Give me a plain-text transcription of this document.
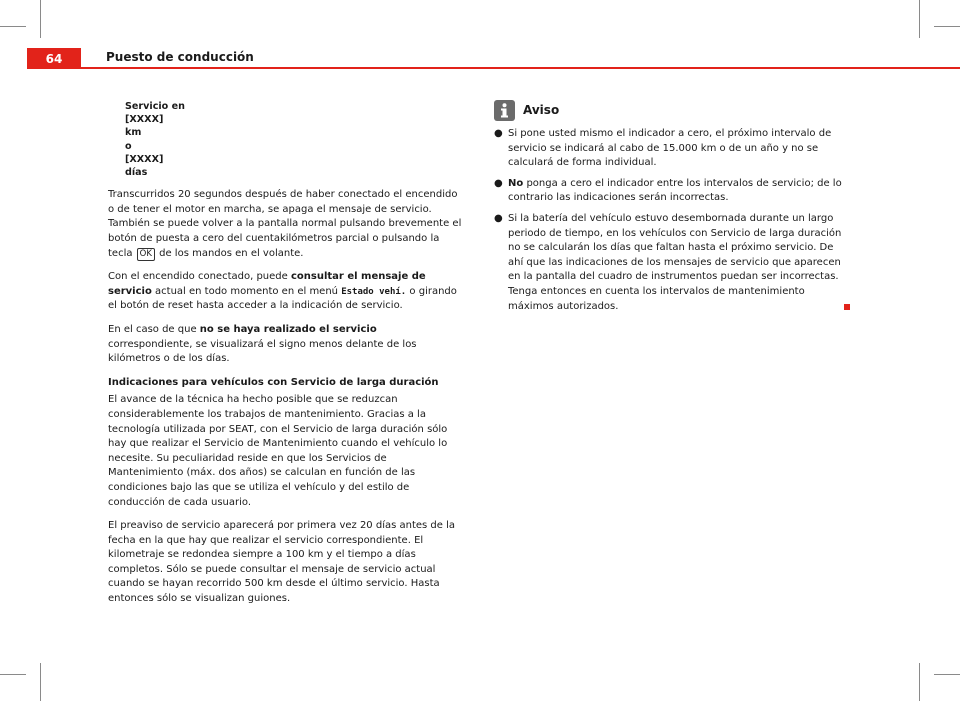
64	Puesto de conducción
Servicio en
[XXXX]
km
o
[XXXX]
días

Transcurridos 20 segundos después de haber conectado el encendido o de tener el motor en marcha, se apaga el mensaje de servicio. También se puede volver a la pantalla normal pulsando brevemente el botón de puesta a cero del cuentakilómetros parcial o pulsando la tecla OK de los mandos en el volante.

Con el encendido conectado, puede consultar el mensaje de servicio actual en todo momento en el menú Estado vehí. o girando el botón de reset hasta acceder a la indicación de servicio.

En el caso de que no se haya realizado el servicio correspondiente, se visualizará el signo menos delante de los kilómetros o de los días.

Indicaciones para vehículos con Servicio de larga duración

El avance de la técnica ha hecho posible que se reduzcan considerablemente los trabajos de mantenimiento. Gracias a la tecnología utilizada por SEAT, con el Servicio de larga duración sólo hay que realizar el Servicio de Mantenimiento cuando el vehículo lo necesite. Su peculiaridad reside en que los Servicios de Mantenimiento (máx. dos años) se calculan en función de las condiciones bajo las que se utiliza el vehículo y del estilo de conducción de cada usuario.

El preaviso de servicio aparecerá por primera vez 20 días antes de la fecha en la que hay que realizar el servicio correspondiente. El kilometraje se redondea siempre a 100 km y el tiempo a días completos. Sólo se puede consultar el mensaje de servicio actual cuando se hayan recorrido 500 km desde el último servicio. Hasta entonces sólo se visualizan guiones.

Aviso
● Si pone usted mismo el indicador a cero, el próximo intervalo de servicio se indicará al cabo de 15.000 km o de un año y no se calculará de forma individual.
● No ponga a cero el indicador entre los intervalos de servicio; de lo contrario las indicaciones serán incorrectas.
● Si la batería del vehículo estuvo desembornada durante un largo periodo de tiempo, en los vehículos con Servicio de larga duración no se calcularán los días que faltan hasta el próximo servicio. De ahí que las indicaciones de los mensajes de servicio que aparecen en la pantalla del cuadro de instrumentos puedan ser incorrectas. Tenga entonces en cuenta los intervalos de mantenimiento máximos autorizados.
